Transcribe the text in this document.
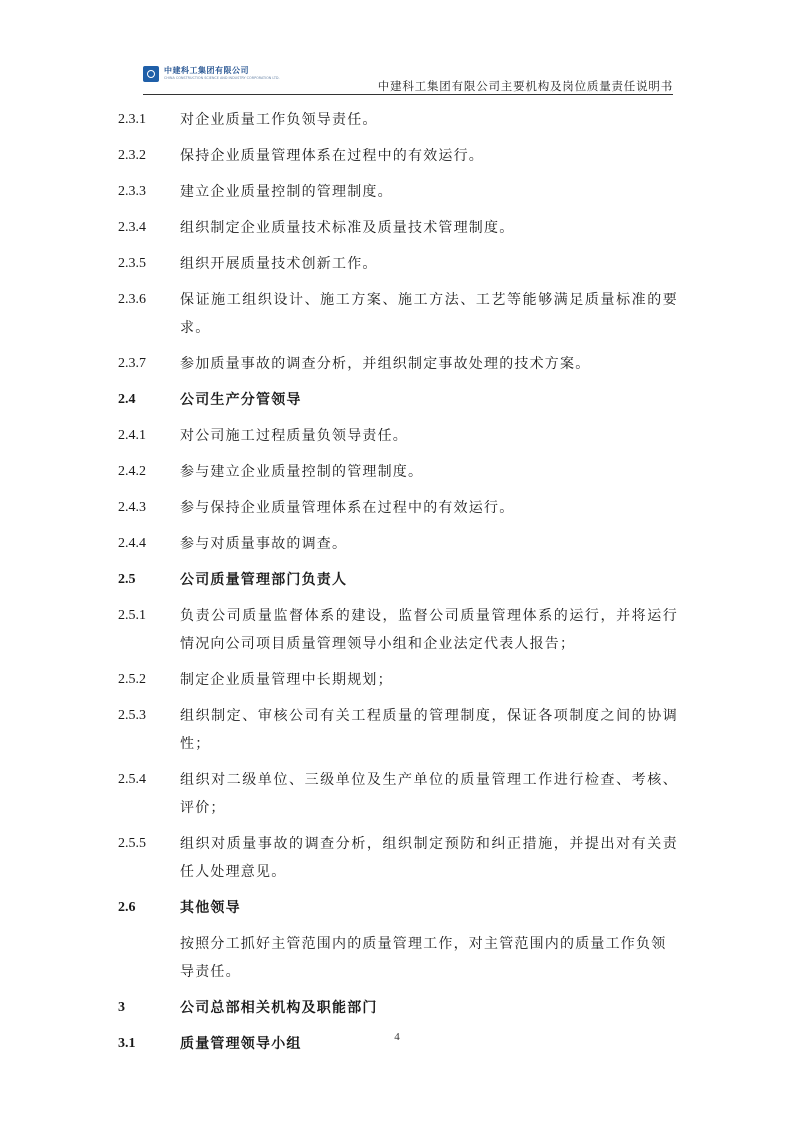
中建科工集团有限公司
CHINA CONSTRUCTION SCIENCE AND INDUSTRY CORPORATION LTD.
中建科工集团有限公司主要机构及岗位质量责任说明书
2.3.1	对企业质量工作负领导责任。
2.3.2	保持企业质量管理体系在过程中的有效运行。
2.3.3	建立企业质量控制的管理制度。
2.3.4	组织制定企业质量技术标准及质量技术管理制度。
2.3.5	组织开展质量技术创新工作。
2.3.6	保证施工组织设计、施工方案、施工方法、工艺等能够满足质量标准的要求。
2.3.7	参加质量事故的调查分析，并组织制定事故处理的技术方案。
2.4	公司生产分管领导
2.4.1	对公司施工过程质量负领导责任。
2.4.2	参与建立企业质量控制的管理制度。
2.4.3	参与保持企业质量管理体系在过程中的有效运行。
2.4.4	参与对质量事故的调查。
2.5	公司质量管理部门负责人
2.5.1	负责公司质量监督体系的建设，监督公司质量管理体系的运行，并将运行情况向公司项目质量管理领导小组和企业法定代表人报告；
2.5.2	制定企业质量管理中长期规划；
2.5.3	组织制定、审核公司有关工程质量的管理制度，保证各项制度之间的协调性；
2.5.4	组织对二级单位、三级单位及生产单位的质量管理工作进行检查、考核、评价；
2.5.5	组织对质量事故的调查分析，组织制定预防和纠正措施，并提出对有关责任人处理意见。
2.6	其他领导
按照分工抓好主管范围内的质量管理工作，对主管范围内的质量工作负领导责任。
3	公司总部相关机构及职能部门
3.1	质量管理领导小组	4
